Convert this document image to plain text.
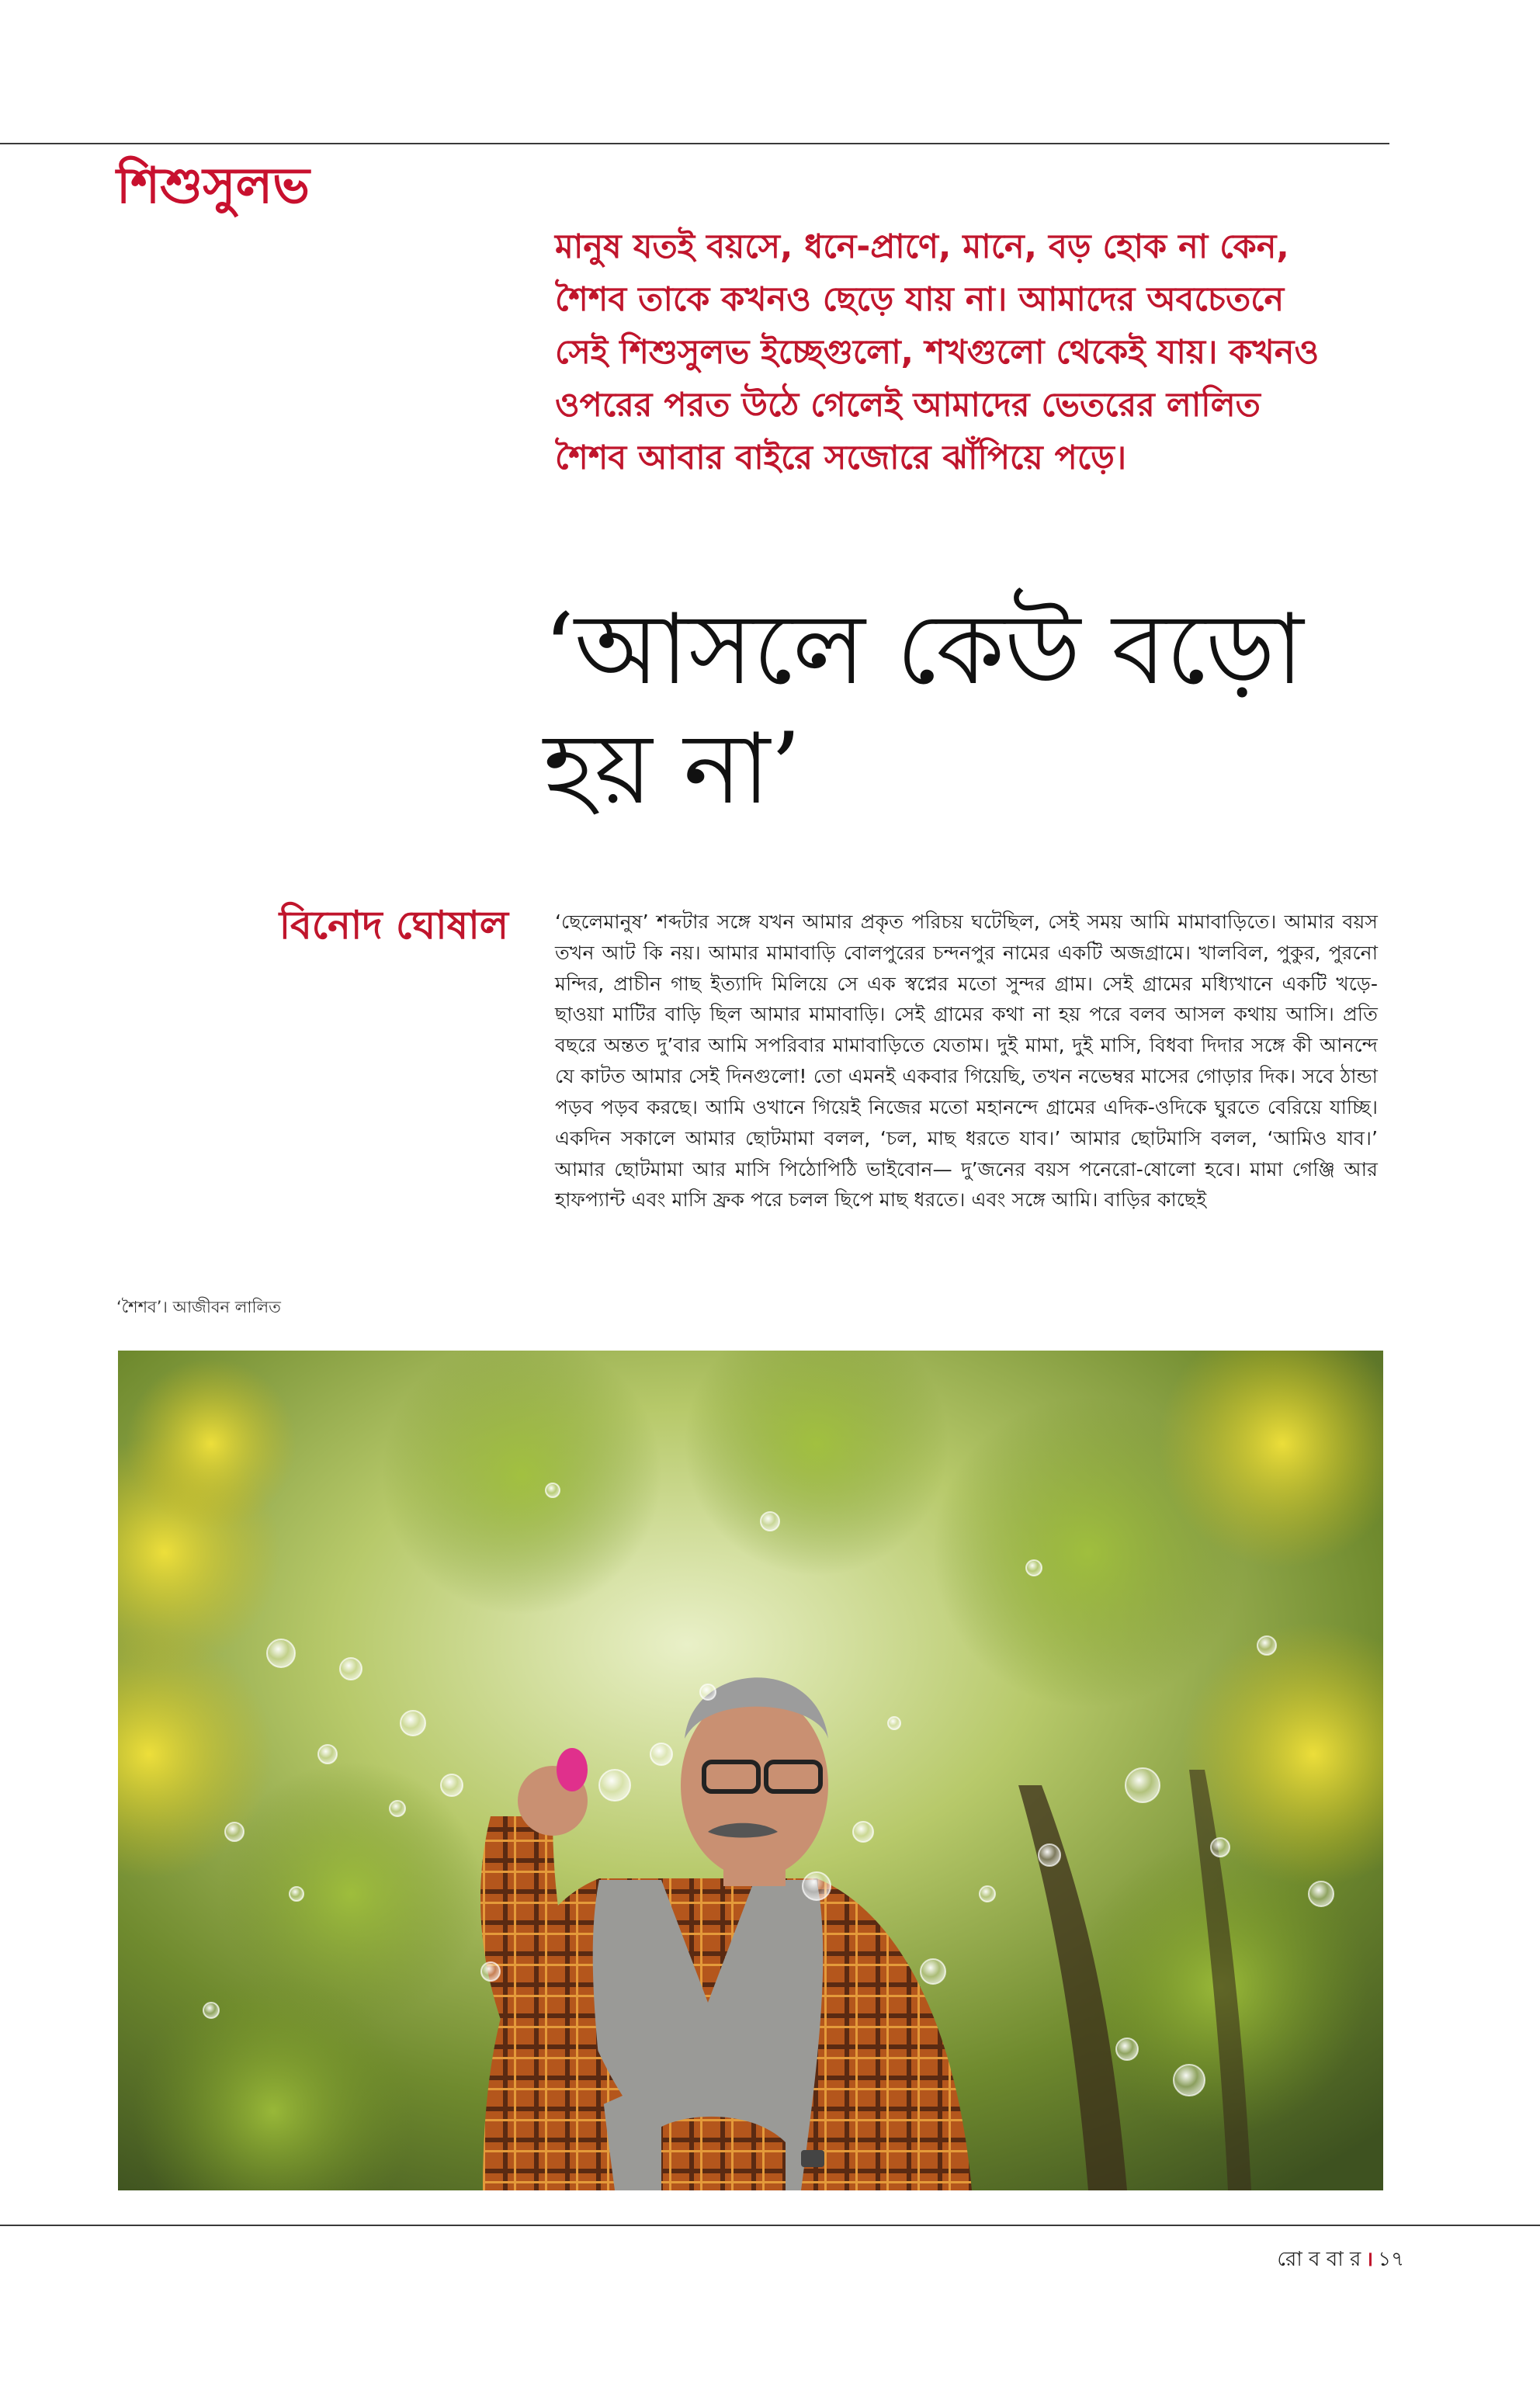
শিশুসুলভ

মানুষ যতই বয়সে, ধনে-প্রাণে, মানে, বড় হোক না কেন, শৈশব তাকে কখনও ছেড়ে যায় না। আমাদের অবচেতনে সেই শিশুসুলভ ইচ্ছেগুলো, শখগুলো থেকেই যায়। কখনও ওপরের পরত উঠে গেলেই আমাদের ভেতরের লালিত শৈশব আবার বাইরে সজোরে ঝাঁপিয়ে পড়ে।

‘আসলে কেউ বড়ো হয় না’
বিনোদ ঘোষাল ‘ছেলেমানুষ’ শব্দটার সঙ্গে যখন আমার প্রকৃত পরিচয় ঘটেছিল, সেই সময় আমি মামাবাড়িতে। আমার বয়স তখন আট কি নয়। আমার মামাবাড়ি বোলপুরের চন্দনপুর নামের একটি অজগ্রামে। খালবিল, পুকুর, পুরনো মন্দির, প্রাচীন গাছ ইত্যাদি মিলিয়ে সে এক স্বপ্নের মতো সুন্দর গ্রাম। সেই গ্রামের মধ্যিখানে একটি খড়ে-ছাওয়া মাটির বাড়ি ছিল আমার মামাবাড়ি। সেই গ্রামের কথা না হয় পরে বলব আসল কথায় আসি। প্রতি বছরে অন্তত দু’বার আমি সপরিবার মামাবাড়িতে যেতাম। দুই মামা, দুই মাসি, বিধবা দিদার সঙ্গে কী আনন্দে যে কাটত আমার সেই দিনগুলো! তো এমনই একবার গিয়েছি, তখন নভেম্বর মাসের গোড়ার দিক। সবে ঠান্ডা পড়ব পড়ব করছে। আমি ওখানে গিয়েই নিজের মতো মহানন্দে গ্রামের এদিক-ওদিকে ঘুরতে বেরিয়ে যাচ্ছি। একদিন সকালে আমার ছোটমামা বলল, ‘চল, মাছ ধরতে যাব।’ আমার ছোটমাসি বলল, ‘আমিও যাব।’ আমার ছোটমামা আর মাসি পিঠোপিঠি ভাইবোন— দু’জনের বয়স পনেরো-ষোলো হবে। মামা গেঞ্জি আর হাফপ্যান্ট এবং মাসি ফ্রক পরে চলল ছিপে মাছ ধরতে। এবং সঙ্গে আমি। বাড়ির কাছেই

‘শৈশব’। আজীবন লালিত
রো ব বা র । ১৭
